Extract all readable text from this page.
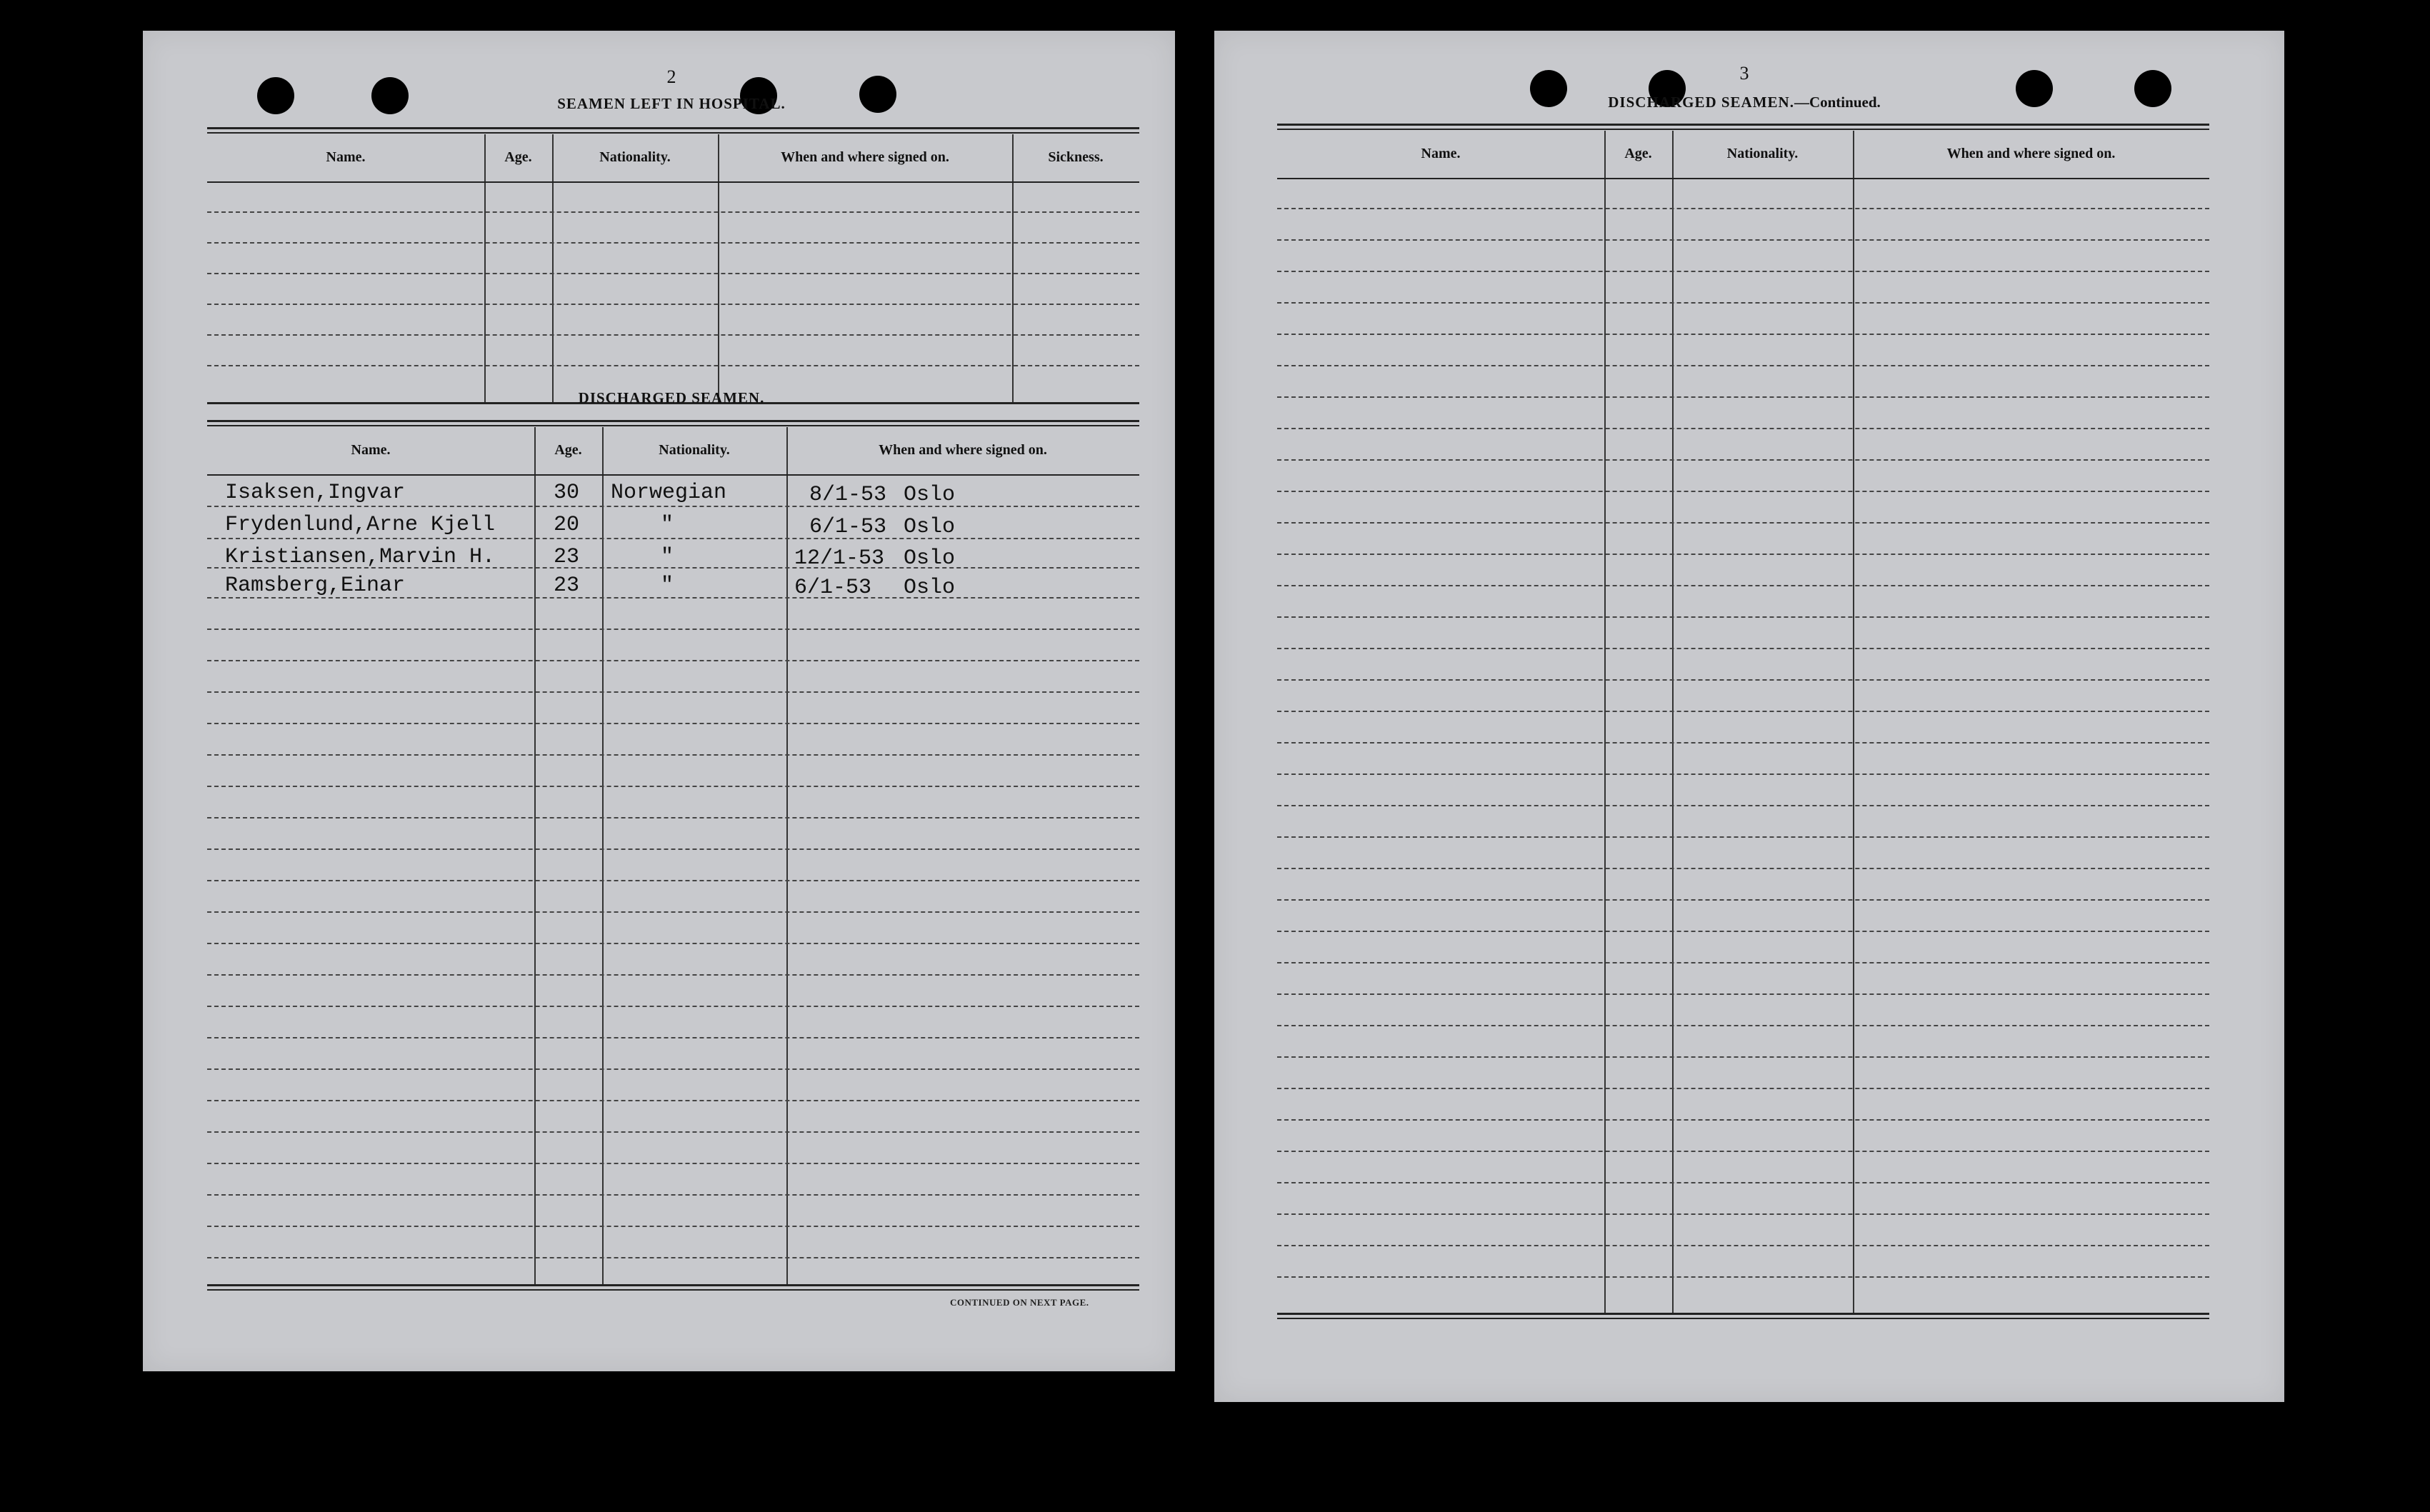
2
SEAMEN LEFT IN HOSPITAL.
Name.	Age.	Nationality.	When and where signed on.	Sickness.
DISCHARGED SEAMEN.
Name.	Age.	Nationality.	When and where signed on.
Isaksen,Ingvar	30 Norwegian	8/1-53 Oslo
Frydenlund,Arne Kjell	20	"	6/1-53 Oslo
Kristiansen,Marvin H.	23	"	12/1-53 Oslo
Ramsberg,Einar	23	"	6/1-53 Oslo
CONTINUED ON NEXT PAGE.
3
DISCHARGED SEAMEN.—Continued.
Name.	Age.	Nationality.	When and where signed on.
